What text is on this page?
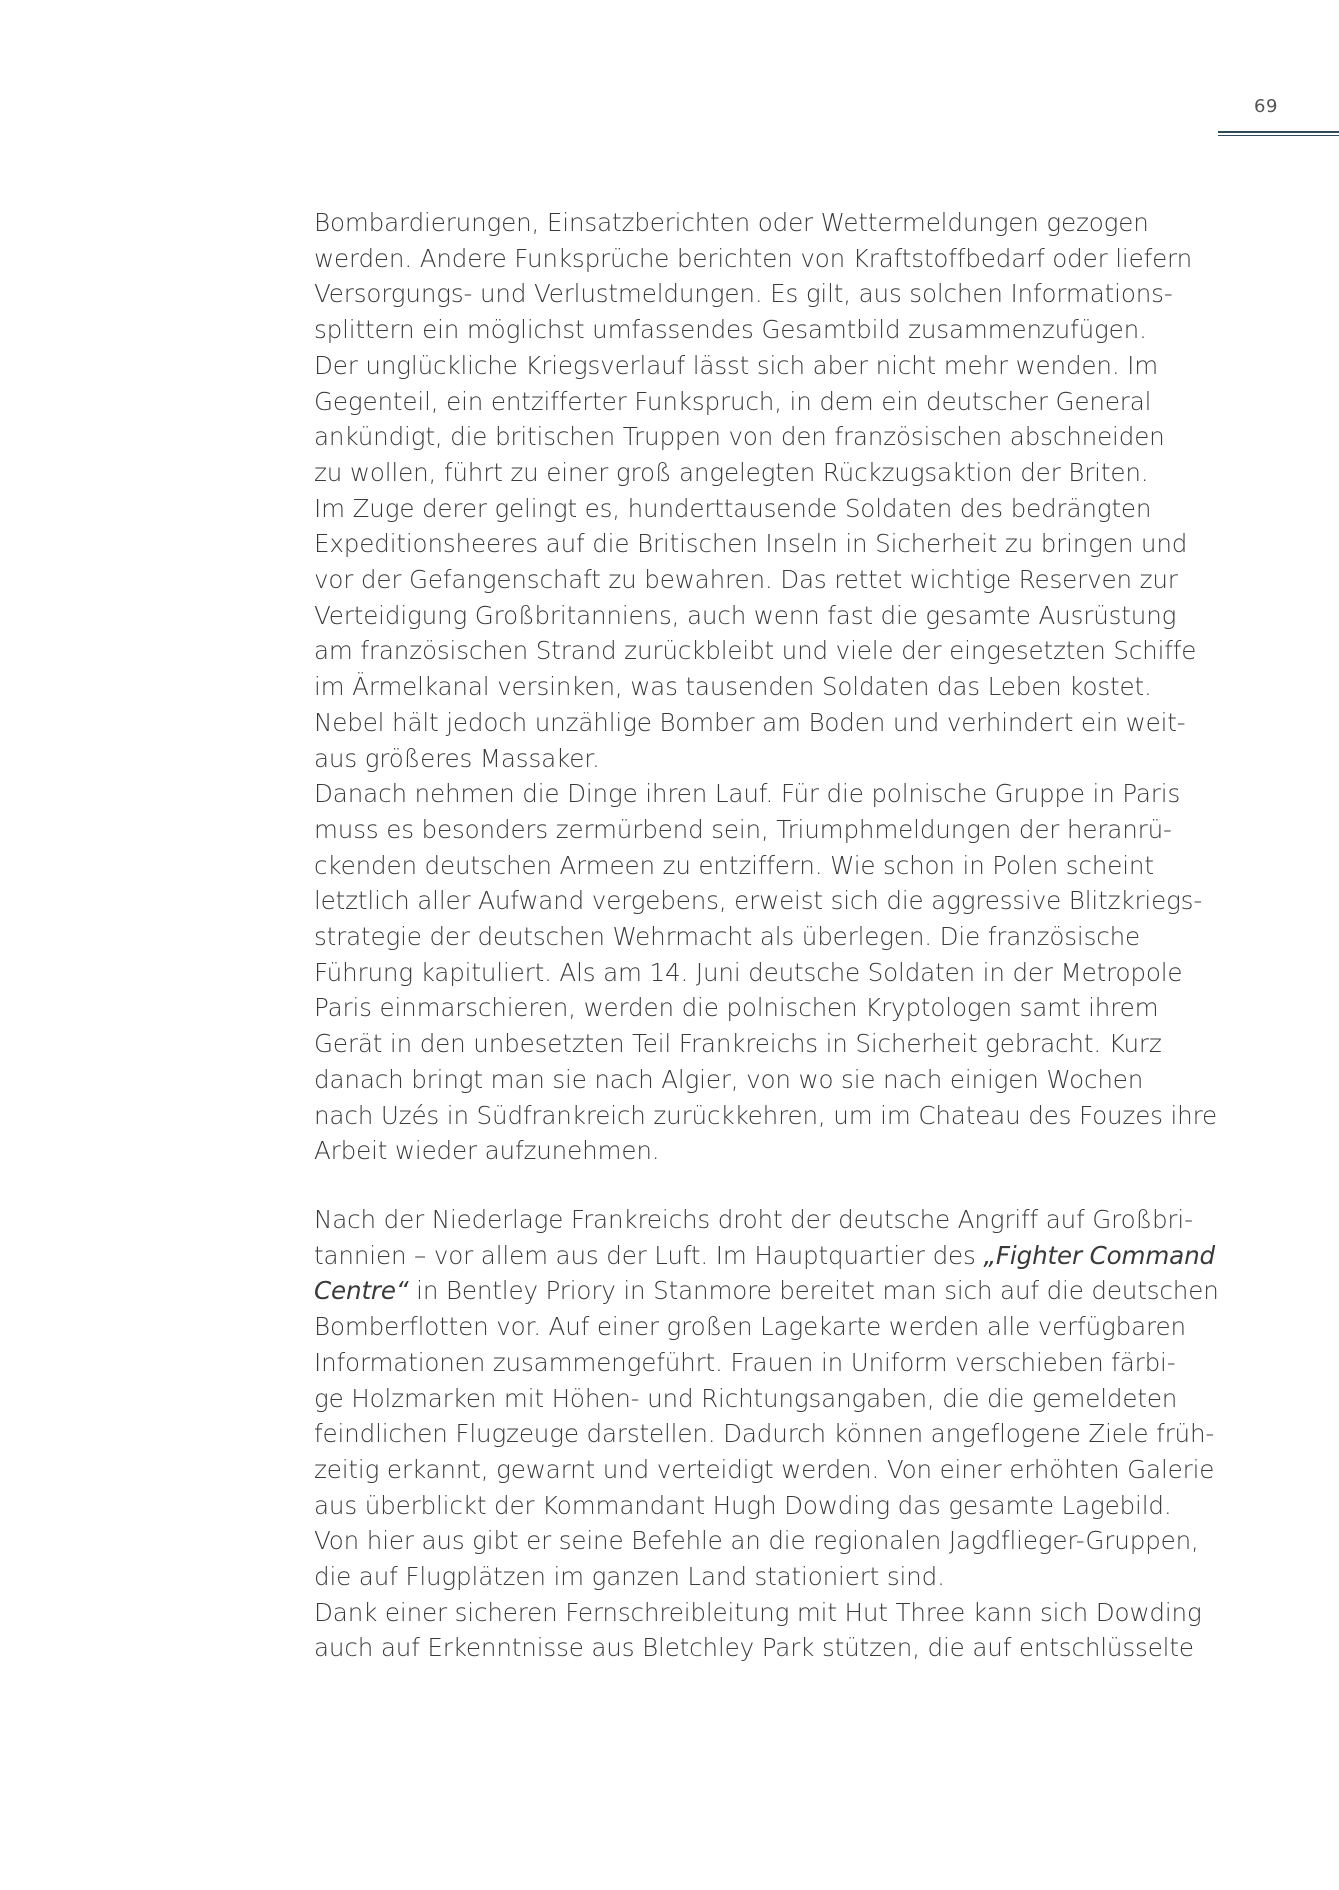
69
Bombardierungen, Einsatzberichten oder Wettermeldungen gezogen
werden. Andere Funksprüche berichten von Kraftstoffbedarf oder liefern
Versorgungs- und Verlustmeldungen. Es gilt, aus solchen Informations-
splittern ein möglichst umfassendes Gesamtbild zusammenzufügen.
Der unglückliche Kriegsverlauf lässt sich aber nicht mehr wenden. Im
Gegenteil, ein entzifferter Funkspruch, in dem ein deutscher General
ankündigt, die britischen Truppen von den französischen abschneiden
zu wollen, führt zu einer groß angelegten Rückzugsaktion der Briten.
Im Zuge derer gelingt es, hunderttausende Soldaten des bedrängten
Expeditionsheeres auf die Britischen Inseln in Sicherheit zu bringen und
vor der Gefangenschaft zu bewahren. Das rettet wichtige Reserven zur
Verteidigung Großbritanniens, auch wenn fast die gesamte Ausrüstung
am französischen Strand zurückbleibt und viele der eingesetzten Schiffe
im Ärmelkanal versinken, was tausenden Soldaten das Leben kostet.
Nebel hält jedoch unzählige Bomber am Boden und verhindert ein weit-
aus größeres Massaker.
Danach nehmen die Dinge ihren Lauf. Für die polnische Gruppe in Paris
muss es besonders zermürbend sein, Triumphmeldungen der heranrü-
ckenden deutschen Armeen zu entziffern. Wie schon in Polen scheint
letztlich aller Aufwand vergebens, erweist sich die aggressive Blitzkriegs-
strategie der deutschen Wehrmacht als überlegen. Die französische
Führung kapituliert. Als am 14. Juni deutsche Soldaten in der Metropole
Paris einmarschieren, werden die polnischen Kryptologen samt ihrem
Gerät in den unbesetzten Teil Frankreichs in Sicherheit gebracht. Kurz
danach bringt man sie nach Algier, von wo sie nach einigen Wochen
nach Uzés in Südfrankreich zurückkehren, um im Chateau des Fouzes ihre
Arbeit wieder aufzunehmen.
Nach der Niederlage Frankreichs droht der deutsche Angriff auf Großbri-
tannien – vor allem aus der Luft. Im Hauptquartier des „Fighter Command
Centre“ in Bentley Priory in Stanmore bereitet man sich auf die deutschen
Bomberflotten vor. Auf einer großen Lagekarte werden alle verfügbaren
Informationen zusammengeführt. Frauen in Uniform verschieben färbi-
ge Holzmarken mit Höhen- und Richtungsangaben, die die gemeldeten
feindlichen Flugzeuge darstellen. Dadurch können angeflogene Ziele früh-
zeitig erkannt, gewarnt und verteidigt werden. Von einer erhöhten Galerie
aus überblickt der Kommandant Hugh Dowding das gesamte Lagebild.
Von hier aus gibt er seine Befehle an die regionalen Jagdflieger-Gruppen,
die auf Flugplätzen im ganzen Land stationiert sind.
Dank einer sicheren Fernschreibleitung mit Hut Three kann sich Dowding
auch auf Erkenntnisse aus Bletchley Park stützen, die auf entschlüsselte
